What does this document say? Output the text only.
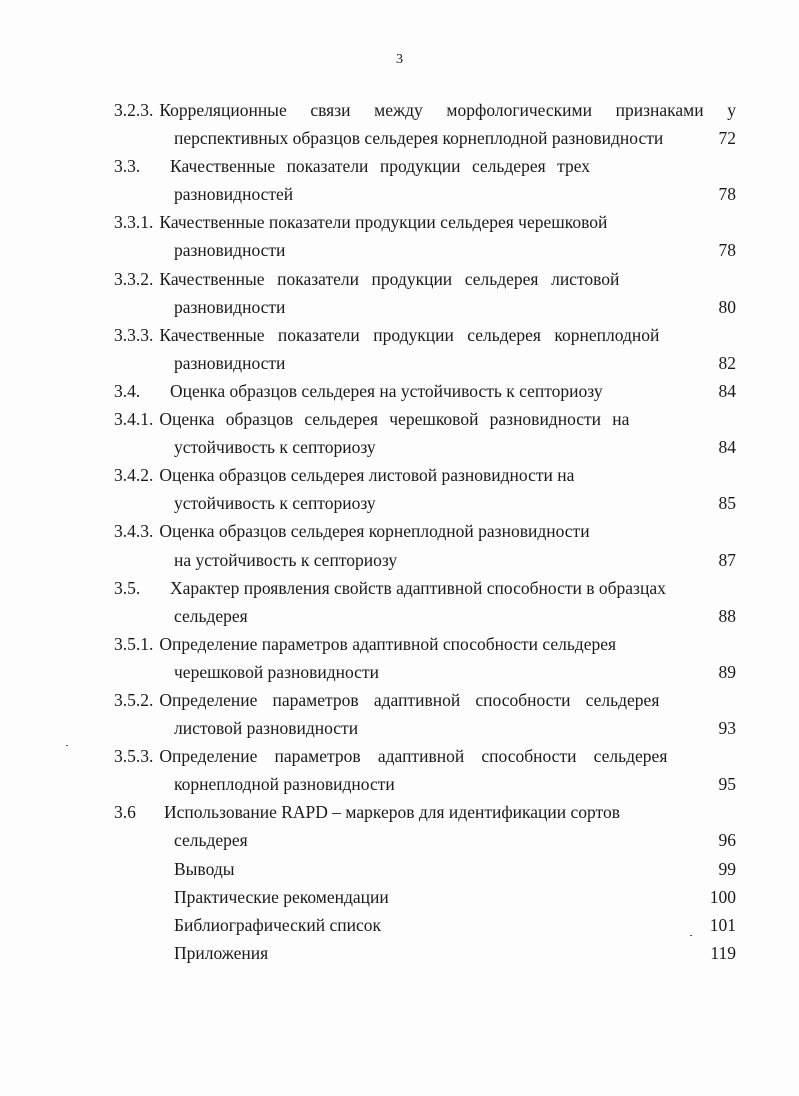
3
3.2.3. Корреляционные связи между морфологическими признаками у
перспективных образцов сельдерея корнеплодной разновидности	72
3.3.	Качественные показатели продукции сельдерея трех
разновидностей	78
3.3.1. Качественные показатели продукции сельдерея черешковой
разновидности	78
3.3.2. Качественные показатели продукции сельдерея листовой
разновидности	80
3.3.3. Качественные показатели продукции сельдерея корнеплодной
разновидности	82
3.4.	Оценка образцов сельдерея на устойчивость к септориозу	84
3.4.1. Оценка образцов сельдерея черешковой разновидности на
устойчивость к септориозу	84
3.4.2. Оценка образцов сельдерея листовой разновидности на
устойчивость к септориозу	85
3.4.3. Оценка образцов сельдерея корнеплодной разновидности
на устойчивость к септориозу	87
3.5.	Характер проявления свойств адаптивной способности в образцах
сельдерея	88
3.5.1. Определение параметров адаптивной способности сельдерея
черешковой разновидности	89
3.5.2. Определение параметров адаптивной способности сельдерея
листовой разновидности	93
3.5.3. Определение параметров адаптивной способности сельдерея
корнеплодной разновидности	95
3.6	Использование RAPD – маркеров для идентификации сортов
сельдерея	96
Выводы	99
Практические рекомендации	100
Библиографический список	101
Приложения	119
